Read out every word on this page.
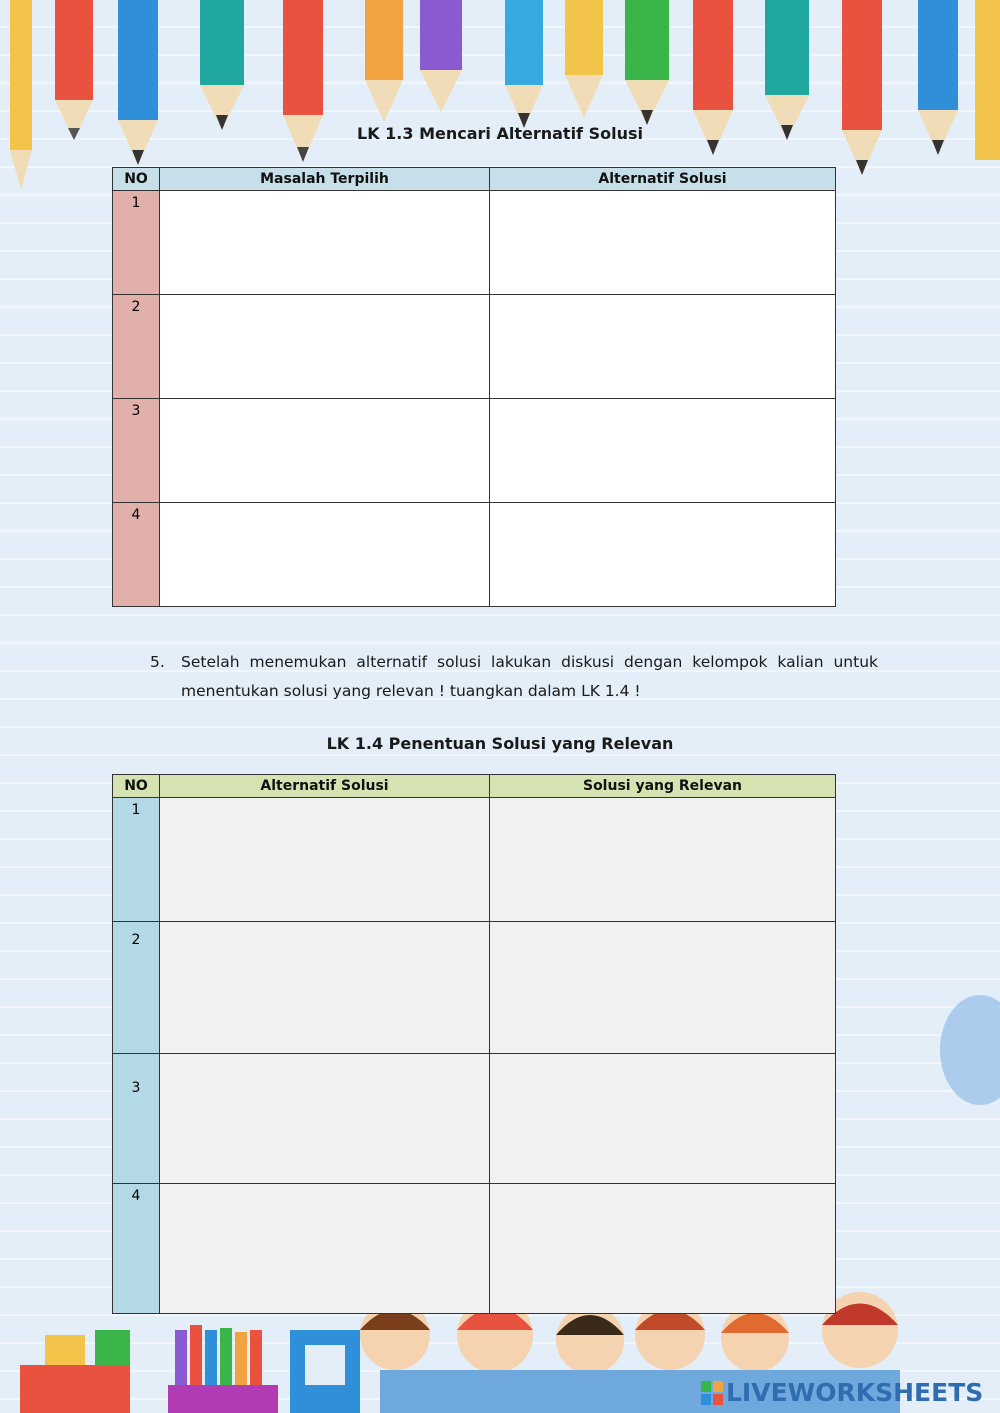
LK 1.3 Mencari Alternatif Solusi
NO	Masalah Terpilih	Alternatif Solusi
1		
2		
3		
4		
5. Setelah menemukan alternatif solusi lakukan diskusi dengan kelompok kalian untuk menentukan solusi yang relevan ! tuangkan dalam LK 1.4 !
LK 1.4 Penentuan Solusi yang Relevan
NO	Alternatif Solusi	Solusi yang Relevan
1		
2		
3		
4		
LIVEWORKSHEETS
